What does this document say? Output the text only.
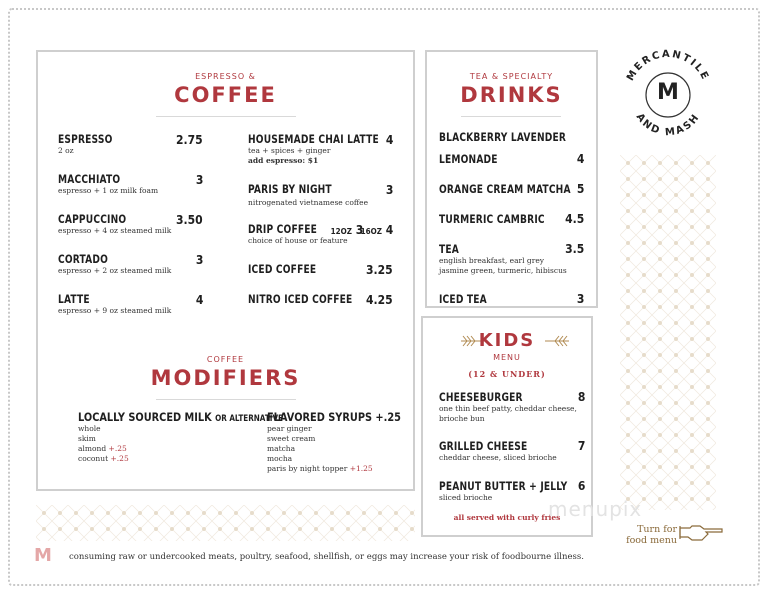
ESPRESSO &
COFFEE
ESPRESSO
2 oz
2.75
MACCHIATO
espresso + 1 oz milk foam
3
CAPPUCCINO
espresso + 4 oz steamed milk
3.50
CORTADO
espresso + 2 oz steamed milk
3
LATTE
espresso + 9 oz steamed milk
4
HOUSEMADE CHAI LATTE
tea + spices + ginger
add espresso: $1
4
PARIS BY NIGHT
nitrogenated vietnamese coffee
3
DRIP COFFEE
choice of house or feature
12OZ 3
16OZ 4
ICED COFFEE	3.25
NITRO ICED COFFEE 4.25
COFFEE
MODIFIERS
LOCALLY SOURCED MILK OR ALTERNATIVE
whole
skim
almond +.25
coconut +.25
FLAVORED SYRUPS +.25
pear ginger
sweet cream
matcha
mocha
paris by night topper +1.25
TEA & SPECIALTY
DRINKS
BLACKBERRY LAVENDER
LEMONADE	4
ORANGE CREAM MATCHA 5
TURMERIC CAMBRIC 4.5
TEA
english breakfast, earl grey
jasmine green, turmeric, hibiscus
3.5
ICED TEA	3
KIDS
MENU
(12 & UNDER)
CHEESEBURGER
one thin beef patty, cheddar cheese,
brioche bun
8
GRILLED CHEESE
cheddar cheese, sliced brioche
7
PEANUT BUTTER + JELLY
sliced brioche
6
all served with curly fries
MERCANTILE
AND MASH
M
M consuming raw or undercooked meats, poultry, seafood, shellfish, or eggs may increase your risk of foodbourne illness.
menupix
Turn for
food menu
